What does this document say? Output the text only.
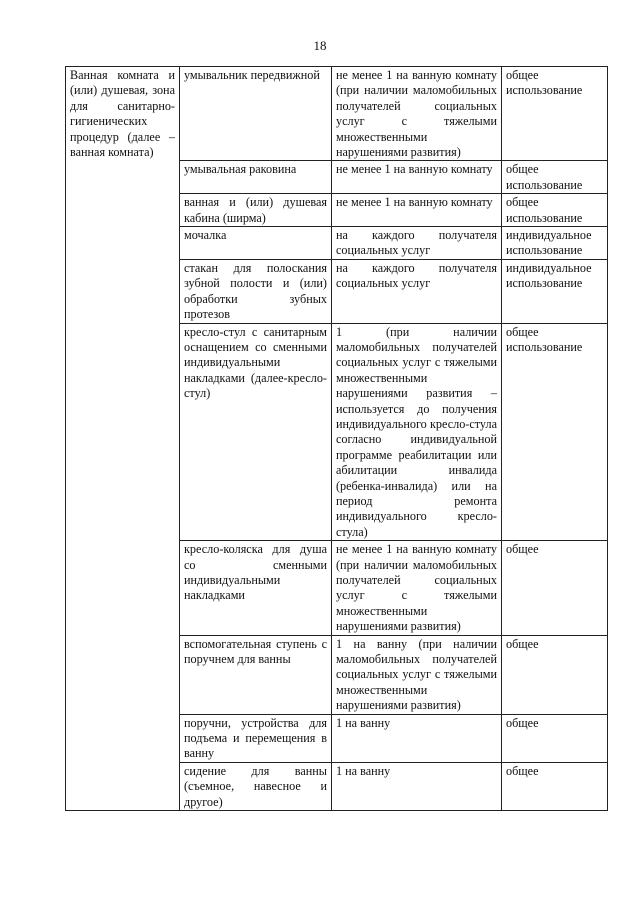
18
Ванная комната и (или) душевая, зона для санитарно-гигиенических процедур (далее – ванная комната)	умывальник передвижной	не менее 1 на ванную комнату (при наличии маломобильных получателей социальных услуг с тяжелыми множественными нарушениями развития)	общее использование
	умывальная раковина	не менее 1 на ванную комнату	общее использование
	ванная и (или) душевая кабина (ширма)	не менее 1 на ванную комнату	общее использование
	мочалка	на каждого получателя социальных услуг	индивидуальное использование
	стакан для полоскания зубной полости и (или) обработки зубных протезов	на каждого получателя социальных услуг	индивидуальное использование
	кресло-стул с санитарным оснащением со сменными индивидуальными накладками (далее-кресло-стул)	1 (при наличии маломобильных получателей социальных услуг с тяжелыми множественными нарушениями развития – используется до получения индивидуального кресло-стула согласно индивидуальной программе реабилитации или абилитации инвалида (ребенка-инвалида) или на период ремонта индивидуального кресло-стула)	общее использование
	кресло-коляска для душа со сменными индивидуальными накладками	не менее 1 на ванную комнату (при наличии маломобильных получателей социальных услуг с тяжелыми множественными нарушениями развития)	общее
	вспомогательная ступень с поручнем для ванны	1 на ванну (при наличии маломобильных получателей социальных услуг с тяжелыми множественными нарушениями развития)	общее
	поручни, устройства для подъема и перемещения в ванну	1 на ванну	общее
	сидение для ванны (съемное, навесное и другое)	1 на ванну	общее
